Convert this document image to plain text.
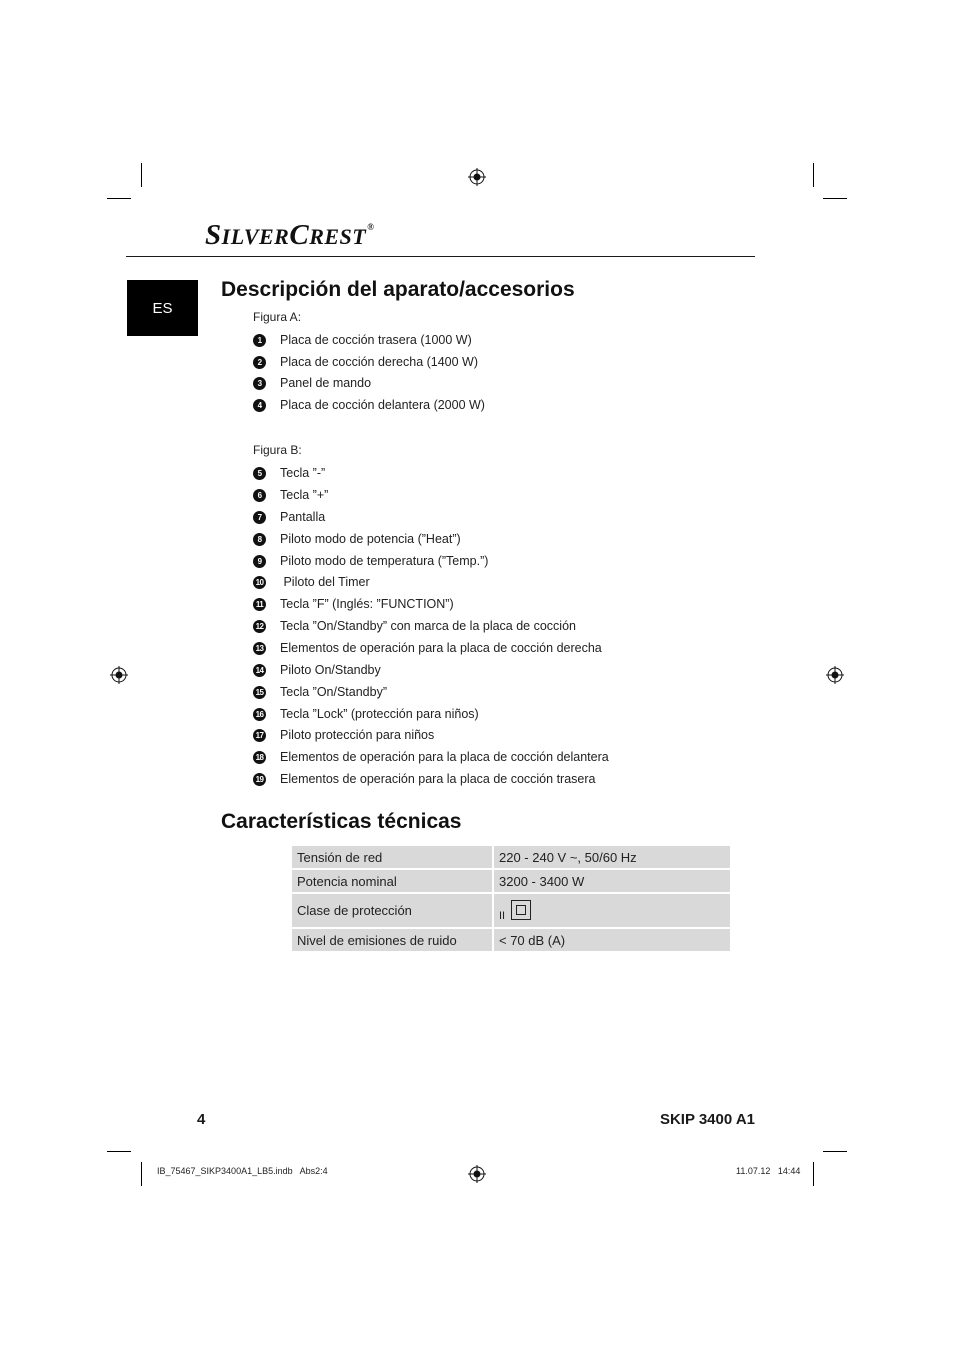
SILVERCREST®
ES
Descripción del aparato/accesorios
Figura A:
1	Placa de cocción trasera (1000 W)
2	Placa de cocción derecha (1400 W)
3	Panel de mando
4	Placa de cocción delantera (2000 W)
Figura B:
5	Tecla ”-”
6	Tecla ”+”
7	Pantalla
8	Piloto modo de potencia (”Heat”)
9	Piloto modo de temperatura (”Temp.”)
10 Piloto del Timer
11 Tecla ”F” (Inglés: ”FUNCTION”)
12 Tecla ”On/Standby” con marca de la placa de cocción
13 Elementos de operación para la placa de cocción derecha
14 Piloto On/Standby
15 Tecla ”On/Standby”
16 Tecla ”Lock” (protección para niños)
17 Piloto protección para niños
18 Elementos de operación para la placa de cocción delantera
19 Elementos de operación para la placa de cocción trasera
Características técnicas
Tensión de red	220 - 240 V ~, 50/60 Hz
Potencia nominal	3200 - 3400 W
Clase de protección	II

Nivel de emisiones de ruido	< 70 dB (A)
4	SKIP 3400 A1
IB_75467_SIKP3400A1_LB5.indb   Abs2:4	11.07.12   14:44
